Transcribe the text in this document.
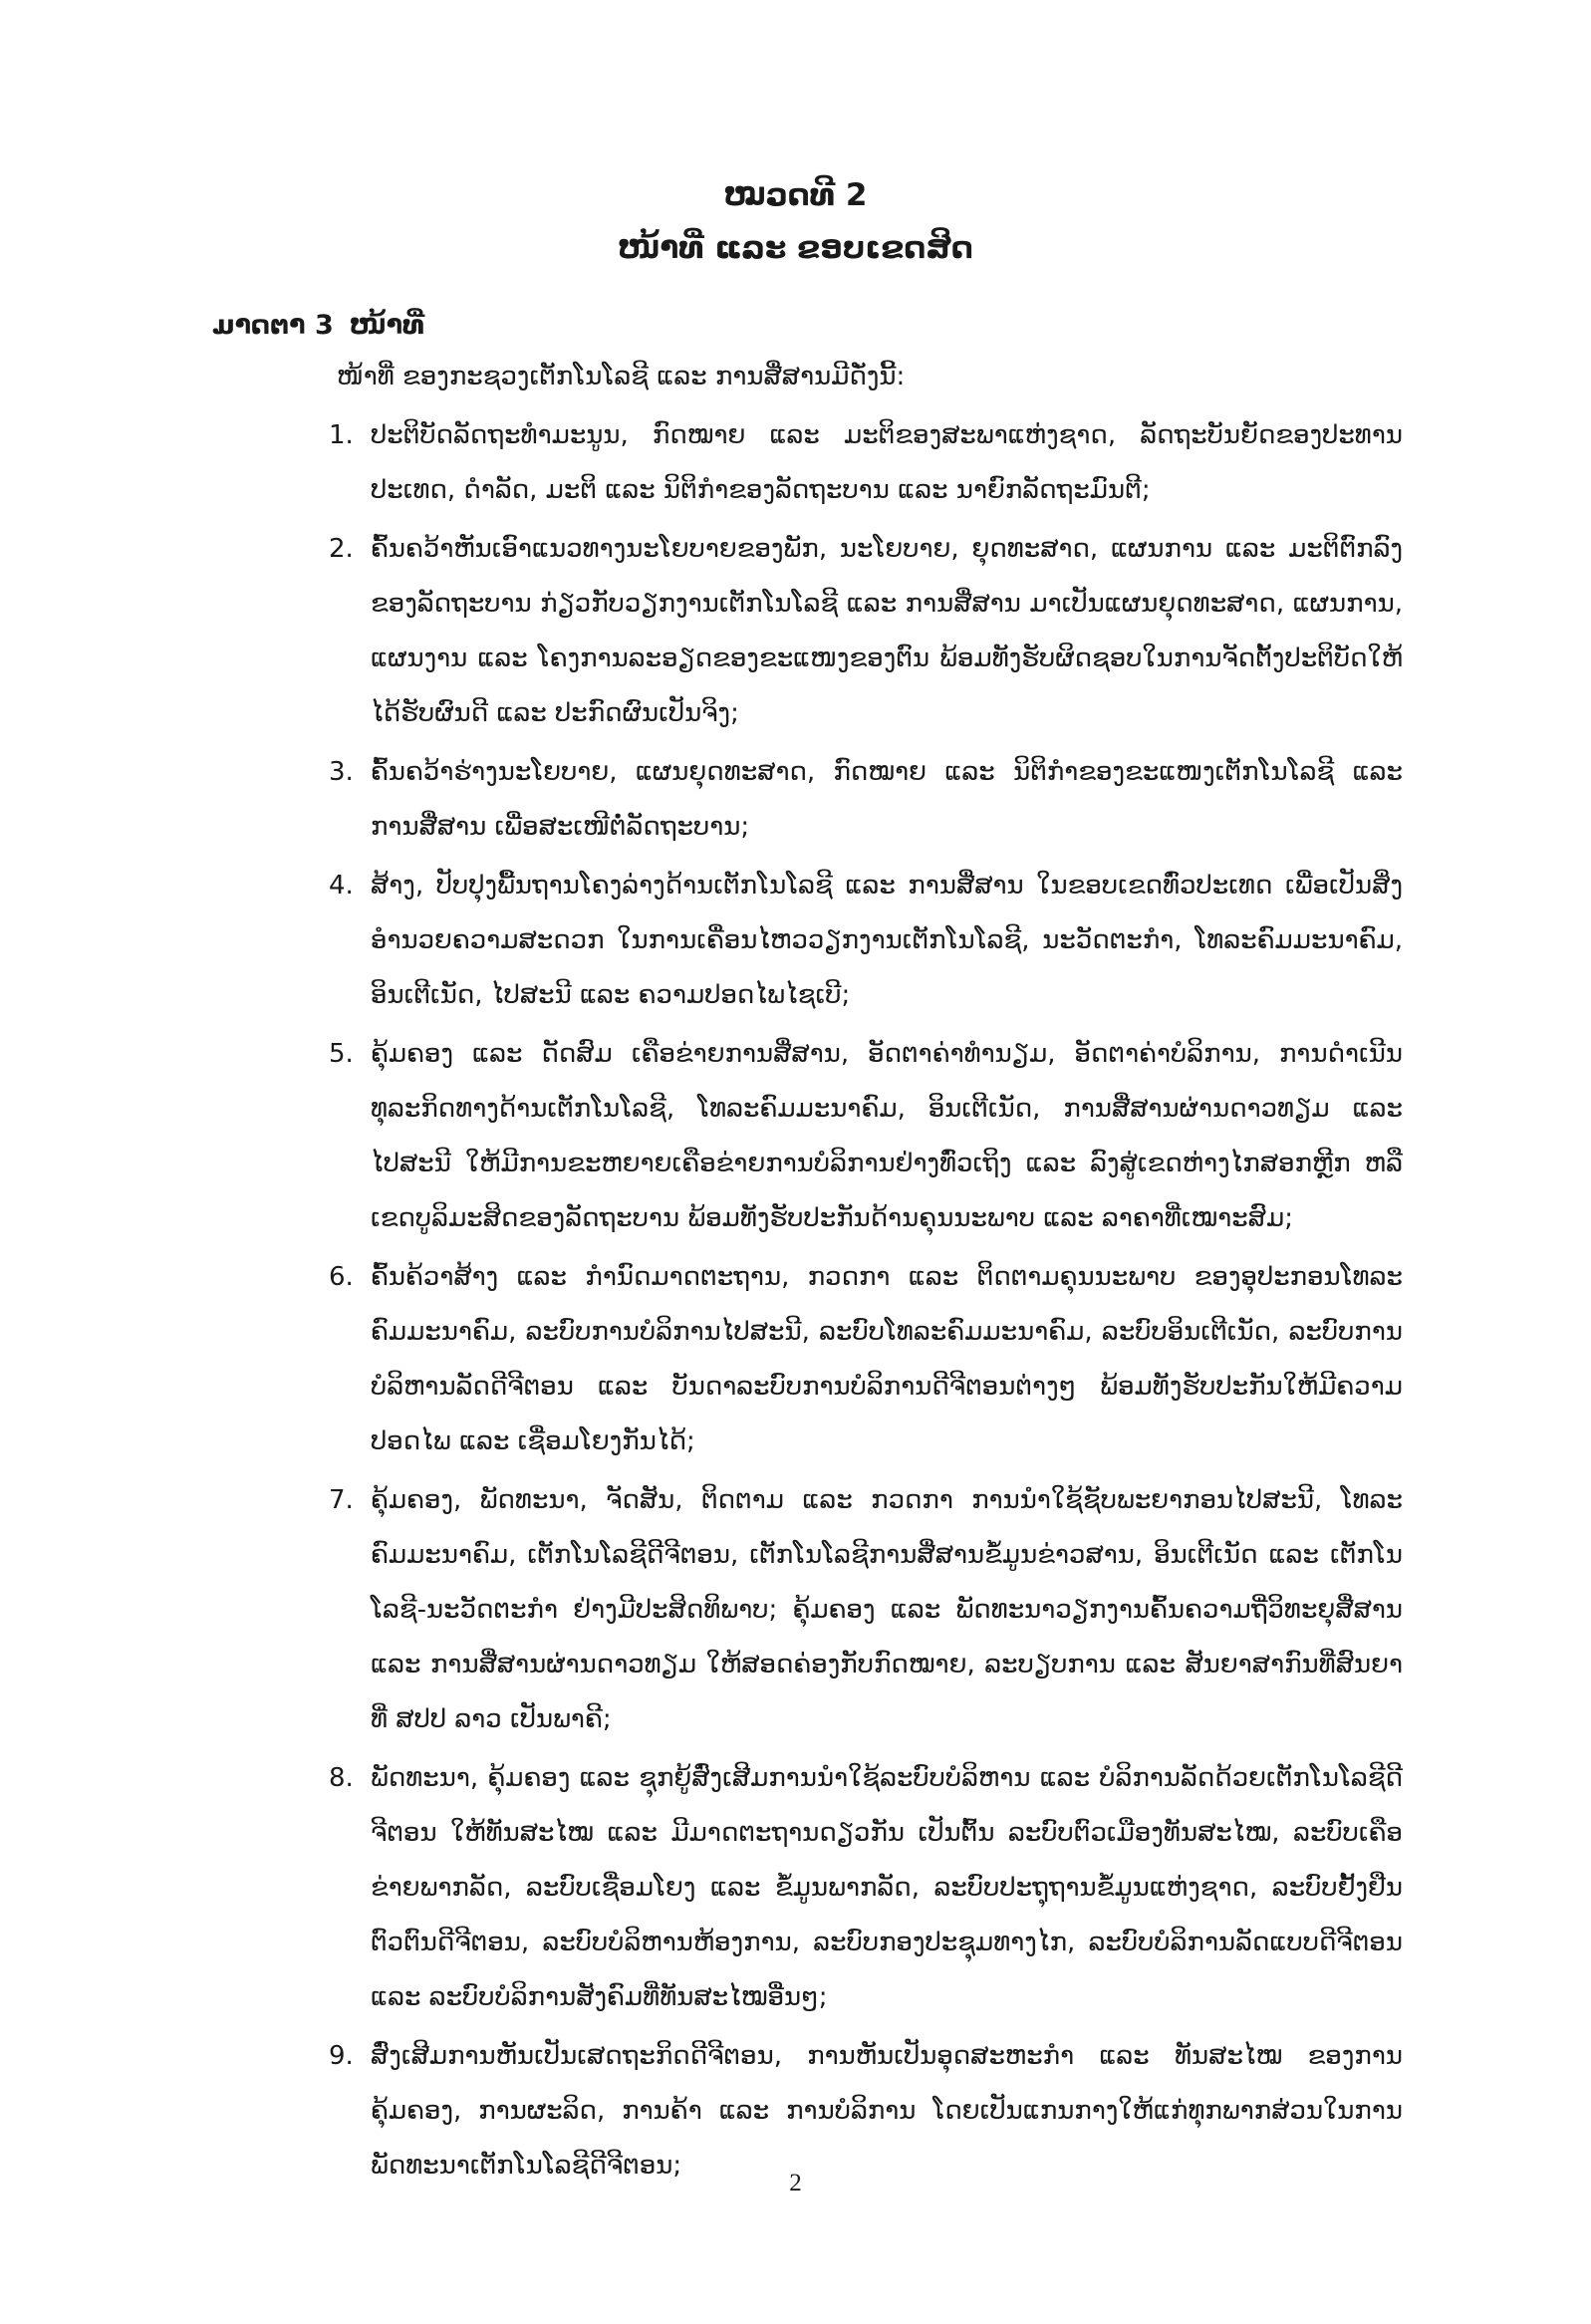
ໝວດທີ 2
ໜ້າທີ່ ແລະ ຂອບເຂດສິດ
ມາດຕາ 3 ໜ້າທີ່
ໜ້າທີ່ ຂອງກະຊວງເຕັກໂນໂລຊີ ແລະ ການສື່ສານມີດັ່ງນີ້:
1. ປະຕິບັດລັດຖະທຳມະນູນ, ກົດໝາຍ ແລະ ມະຕິຂອງສະພາແຫ່ງຊາດ, ລັດຖະບັນຍັດຂອງປະທານປະເທດ, ດຳລັດ, ມະຕິ ແລະ ນິຕິກຳຂອງລັດຖະບານ ແລະ ນາຍົກລັດຖະມົນຕີ;
2. ຄົ້ນຄວ້າຫັນເອົາແນວທາງນະໂຍບາຍຂອງພັກ, ນະໂຍບາຍ, ຍຸດທະສາດ, ແຜນການ ແລະ ມະຕິຕົກລົງຂອງລັດຖະບານ ກ່ຽວກັບວຽກງານເຕັກໂນໂລຊີ ແລະ ການສື່ສານ ມາເປັນແຜນຍຸດທະສາດ, ແຜນການ, ແຜນງານ ແລະ ໂຄງການລະອຽດຂອງຂະແໜງຂອງຕົນ ພ້ອມທັງຮັບຜິດຊອບໃນການຈັດຕັ້ງປະຕິບັດໃຫ້ໄດ້ຮັບຜົນດີ ແລະ ປະກົດຜົນເປັນຈິງ;
3. ຄົ້ນຄວ້າຮ່າງນະໂຍບາຍ, ແຜນຍຸດທະສາດ, ກົດໝາຍ ແລະ ນິຕິກຳຂອງຂະແໜງເຕັກໂນໂລຊີ ແລະ ການສື່ສານ ເພື່ອສະເໜີຕໍ່ລັດຖະບານ;
4. ສ້າງ, ປັບປຸງພື້ນຖານໂຄງລ່າງດ້ານເຕັກໂນໂລຊີ ແລະ ການສື່ສານ ໃນຂອບເຂດທົ່ວປະເທດ ເພື່ອເປັນສິ່ງອຳນວຍຄວາມສະດວກ ໃນການເຄື່ອນໄຫວວຽກງານເຕັກໂນໂລຊີ, ນະວັດຕະກຳ, ໂທລະຄົມມະນາຄົມ, ອິນເຕີເນັດ, ໄປສະນີ ແລະ ຄວາມປອດໄພໄຊເບີ;
5. ຄຸ້ມຄອງ ແລະ ດັດສົມ ເຄືອຂ່າຍການສື່ສານ, ອັດຕາຄ່າທຳນຽມ, ອັດຕາຄ່າບໍລິການ, ການດຳເນີນທຸລະກິດທາງດ້ານເຕັກໂນໂລຊີ, ໂທລະຄົມມະນາຄົມ, ອິນເຕີເນັດ, ການສື່ສານຜ່ານດາວທຽມ ແລະ ໄປສະນີ ໃຫ້ມີການຂະຫຍາຍເຄືອຂ່າຍການບໍລິການຢ່າງທົ່ວເຖິງ ແລະ ລົງສູ່ເຂດຫ່າງໄກສອກຫຼີກ ຫລື ເຂດບູລິມະສິດຂອງລັດຖະບານ ພ້ອມທັງຮັບປະກັນດ້ານຄຸນນະພາບ ແລະ ລາຄາທີ່ເໝາະສົມ;
6. ຄົ້ນຄ້ວາສ້າງ ແລະ ກຳນົດມາດຕະຖານ, ກວດກາ ແລະ ຕິດຕາມຄຸນນະພາບ ຂອງອຸປະກອນໂທລະຄົມມະນາຄົມ, ລະບົບການບໍລິການໄປສະນີ, ລະບົບໂທລະຄົມມະນາຄົມ, ລະບົບອິນເຕີເນັດ, ລະບົບການບໍລິຫານລັດດີຈີຕອນ ແລະ ບັນດາລະບົບການບໍລິການດີຈີຕອນຕ່າງໆ ພ້ອມທັງຮັບປະກັນໃຫ້ມີຄວາມປອດໄພ ແລະ ເຊື່ອມໂຍງກັນໄດ້;
7. ຄຸ້ມຄອງ, ພັດທະນາ, ຈັດສັນ, ຕິດຕາມ ແລະ ກວດກາ ການນຳໃຊ້ຊັບພະຍາກອນໄປສະນີ, ໂທລະຄົມມະນາຄົມ, ເຕັກໂນໂລຊີດີຈີຕອນ, ເຕັກໂນໂລຊີການສື່ສານຂໍ້ມູນຂ່າວສານ, ອິນເຕີເນັດ ແລະ ເຕັກໂນໂລຊີ-ນະວັດຕະກຳ ຢ່າງມີປະສິດທິພາບ; ຄຸ້ມຄອງ ແລະ ພັດທະນາວຽກງານຄົ້ນຄວາມຖີ່ວິທະຍຸສື່ສານ ແລະ ການສື່ສານຜ່ານດາວທຽມ ໃຫ້ສອດຄ່ອງກັບກົດໝາຍ, ລະບຽບການ ແລະ ສັນຍາສາກົນທີ່ສົນຍາທີ່ ສປປ ລາວ ເປັນພາຄີ;
8. ພັດທະນາ, ຄຸ້ມຄອງ ແລະ ຊຸກຍູ້ສົ່ງເສີມການນຳໃຊ້ລະບົບບໍລິຫານ ແລະ ບໍລິການລັດດ້ວຍເຕັກໂນໂລຊີດີຈີຕອນ ໃຫ້ທັນສະໄໝ ແລະ ມີມາດຕະຖານດຽວກັນ ເປັນຕົ້ນ ລະບົບຕົວເມືອງທັນສະໄໝ, ລະບົບເຄືອຂ່າຍພາກລັດ, ລະບົບເຊື່ອມໂຍງ ແລະ ຂໍ້ມູນພາກລັດ, ລະບົບປະຖຸຖານຂໍ້ມູນແຫ່ງຊາດ, ລະບົບຢັ້ງຢືນຕົວຕົນດີຈີຕອນ, ລະບົບບໍລິຫານຫ້ອງການ, ລະບົບກອງປະຊຸມທາງໄກ, ລະບົບບໍລິການລັດແບບດີຈີຕອນ ແລະ ລະບົບບໍລິການສັງຄົມທີ່ທັນສະໄໝອື່ນໆ;
9. ສົ່ງເສີມການຫັນເປັນເສດຖະກິດດີຈີຕອນ, ການຫັນເປັນອຸດສະຫະກຳ ແລະ ທັນສະໄໝ ຂອງການຄຸ້ມຄອງ, ການຜະລິດ, ການຄ້າ ແລະ ການບໍລິການ ໂດຍເປັນແກນກາງໃຫ້ແກ່ທຸກພາກສ່ວນໃນການພັດທະນາເຕັກໂນໂລຊີດີຈີຕອນ;
2
